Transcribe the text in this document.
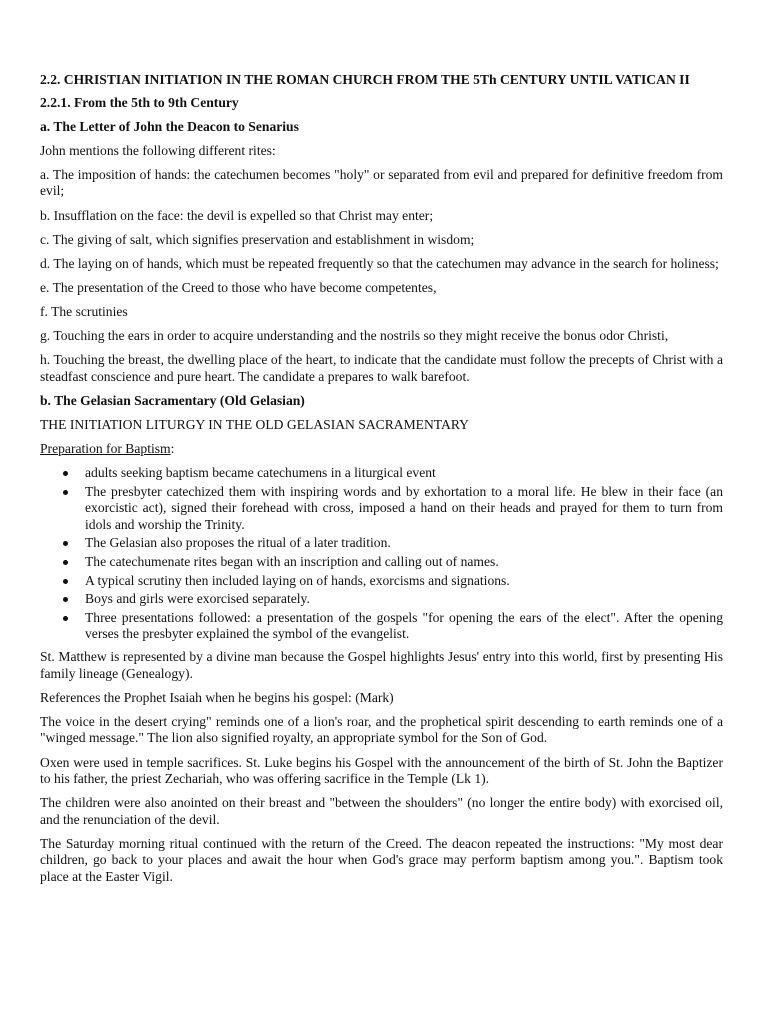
2.2. CHRISTIAN INITIATION IN THE ROMAN CHURCH FROM THE 5Th CENTURY UNTIL VATICAN II

2.2.1. From the 5th to 9th Century

a. The Letter of John the Deacon to Senarius

John mentions the following different rites:

a. The imposition of hands: the catechumen becomes "holy" or separated from evil and prepared for definitive freedom from evil;

b. Insufflation on the face: the devil is expelled so that Christ may enter;

c. The giving of salt, which signifies preservation and establishment in wisdom;

d. The laying on of hands, which must be repeated frequently so that the catechumen may advance in the search for holiness;

e. The presentation of the Creed to those who have become competentes,

f. The scrutinies

g. Touching the ears in order to acquire understanding and the nostrils so they might receive the bonus odor Christi,

h. Touching the breast, the dwelling place of the heart, to indicate that the candidate must follow the precepts of Christ with a steadfast conscience and pure heart. The candidate a prepares to walk barefoot.

b. The Gelasian Sacramentary (Old Gelasian)

THE INITIATION LITURGY IN THE OLD GELASIAN SACRAMENTARY

Preparation for Baptism:

adults seeking baptism became catechumens in a liturgical event
The presbyter catechized them with inspiring words and by exhortation to a moral life. He blew in their face (an exorcistic act), signed their forehead with cross, imposed a hand on their heads and prayed for them to turn from idols and worship the Trinity.
The Gelasian also proposes the ritual of a later tradition.
The catechumenate rites began with an inscription and calling out of names.
A typical scrutiny then included laying on of hands, exorcisms and signations.
Boys and girls were exorcised separately.
Three presentations followed: a presentation of the gospels "for opening the ears of the elect". After the opening verses the presbyter explained the symbol of the evangelist.

St. Matthew is represented by a divine man because the Gospel highlights Jesus' entry into this world, first by presenting His family lineage (Genealogy).

References the Prophet Isaiah when he begins his gospel: (Mark)

The voice in the desert crying" reminds one of a lion's roar, and the prophetical spirit descending to earth reminds one of a "winged message." The lion also signified royalty, an appropriate symbol for the Son of God.

Oxen were used in temple sacrifices. St. Luke begins his Gospel with the announcement of the birth of St. John the Baptizer to his father, the priest Zechariah, who was offering sacrifice in the Temple (Lk 1).

The children were also anointed on their breast and "between the shoulders" (no longer the entire body) with exorcised oil, and the renunciation of the devil.

The Saturday morning ritual continued with the return of the Creed. The deacon repeated the instructions: "My most dear children, go back to your places and await the hour when God's grace may perform baptism among you.". Baptism took place at the Easter Vigil.
